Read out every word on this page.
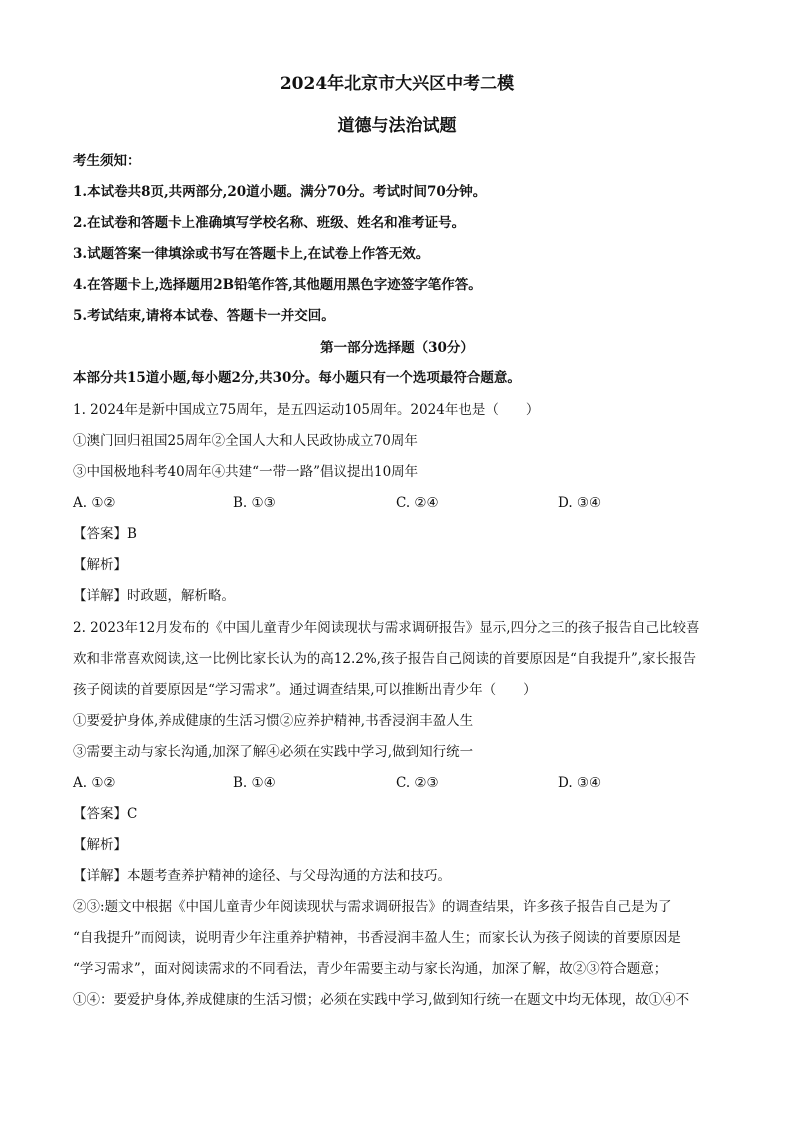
2024年北京市大兴区中考二模
道德与法治试题
考生须知：
1.本试卷共8页,共两部分,20道小题。满分70分。考试时间70分钟。
2.在试卷和答题卡上准确填写学校名称、班级、姓名和准考证号。
3.试题答案一律填涂或书写在答题卡上,在试卷上作答无效。
4.在答题卡上,选择题用2B铅笔作答,其他题用黑色字迹签字笔作答。
5.考试结束,请将本试卷、答题卡一并交回。
第一部分选择题（30分）
本部分共15道小题,每小题2分,共30分。每小题只有一个选项最符合题意。
1. 2024年是新中国成立75周年，是五四运动105周年。2024年也是（　　）
①澳门回归祖国25周年②全国人大和人民政协成立70周年
③中国极地科考40周年④共建“一带一路”倡议提出10周年
A. ①②	B. ①③	C. ②④	D. ③④
【答案】B
【解析】
【详解】时政题，解析略。
2. 2023年12月发布的《中国儿童青少年阅读现状与需求调研报告》显示,四分之三的孩子报告自己比较喜
欢和非常喜欢阅读,这一比例比家长认为的高12.2%,孩子报告自己阅读的首要原因是“自我提升”,家长报告
孩子阅读的首要原因是“学习需求”。通过调查结果,可以推断出青少年（　　）
①要爱护身体,养成健康的生活习惯②应养护精神,书香浸润丰盈人生
③需要主动与家长沟通,加深了解④必须在实践中学习,做到知行统一
A. ①②	B. ①④	C. ②③	D. ③④
【答案】C
【解析】
【详解】本题考查养护精神的途径、与父母沟通的方法和技巧。
②③:题文中根据《中国儿童青少年阅读现状与需求调研报告》的调查结果，许多孩子报告自己是为了
“自我提升”而阅读，说明青少年注重养护精神，书香浸润丰盈人生；而家长认为孩子阅读的首要原因是
“学习需求”，面对阅读需求的不同看法，青少年需要主动与家长沟通，加深了解，故②③符合题意；
①④：要爱护身体,养成健康的生活习惯；必须在实践中学习,做到知行统一在题文中均无体现，故①④不
